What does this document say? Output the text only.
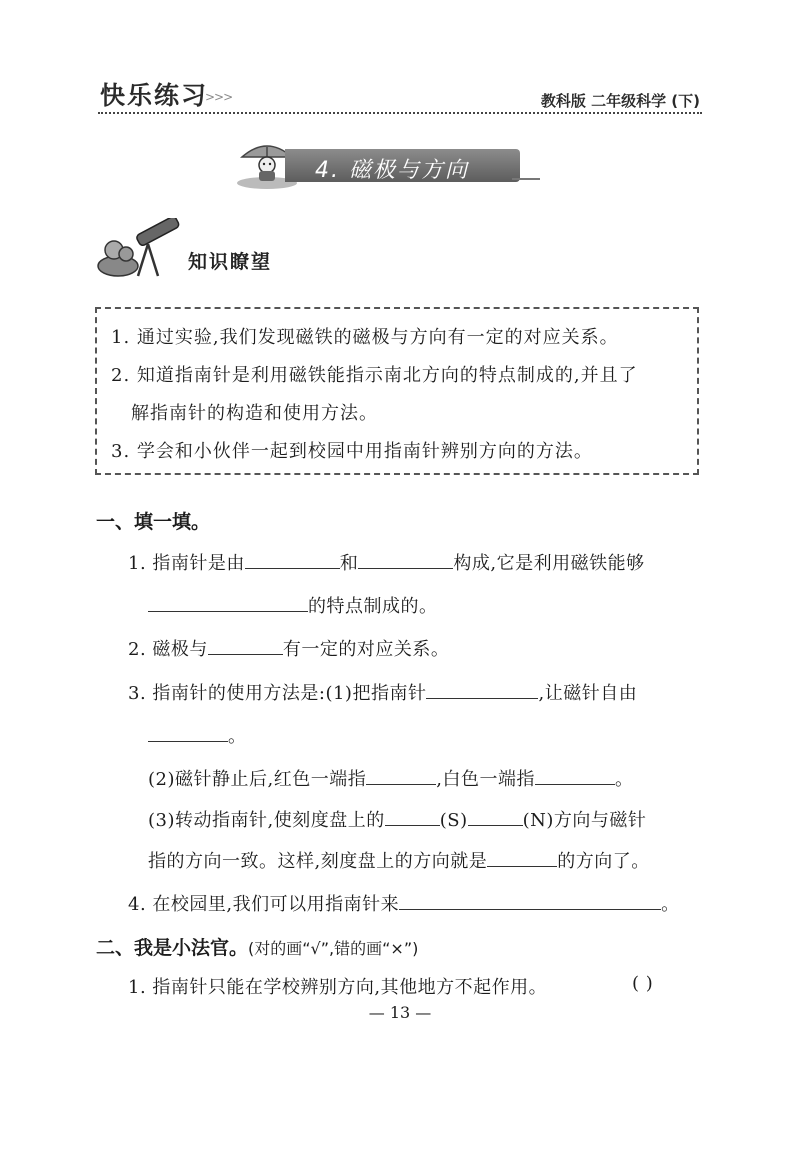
快乐练习
>>>	教科版 二年级科学 (下)
4. 磁极与方向
知识瞭望
1. 通过实验,我们发现磁铁的磁极与方向有一定的对应关系。
2. 知道指南针是利用磁铁能指示南北方向的特点制成的,并且了
解指南针的构造和使用方法。
3. 学会和小伙伴一起到校园中用指南针辨别方向的方法。
一、填一填。
1. 指南针是由	和	构成,它是利用磁铁能够
的特点制成的。
2. 磁极与	有一定的对应关系。
3. 指南针的使用方法是:(1)把指南针	,让磁针自由
。
(2)磁针静止后,红色一端指	,白色一端指	。
(3)转动指南针,使刻度盘上的	(S)	(N)方向与磁针
指的方向一致。这样,刻度盘上的方向就是	的方向了。
4. 在校园里,我们可以用指南针来	。
二、我是小法官。(对的画“√”,错的画“×”)
1. 指南针只能在学校辨别方向,其他地方不起作用。	( )
— 13 —
